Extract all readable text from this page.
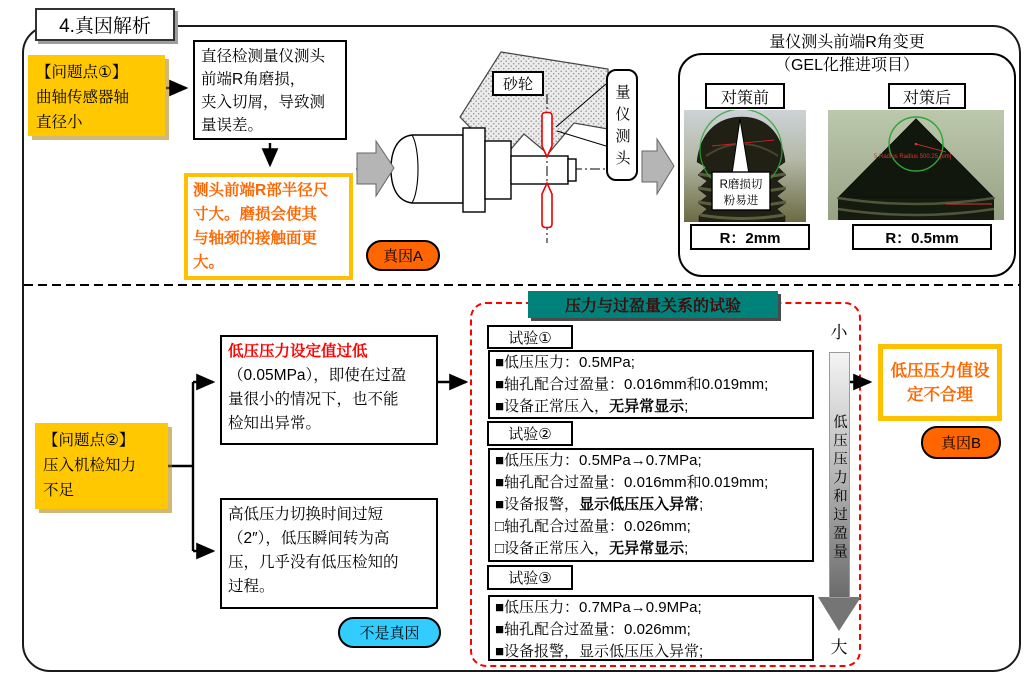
4.真因解析
【问题点①】
曲轴传感器轴
直径小
直径检测量仪测头
前端R角磨损，
夹入切屑，导致测
量误差。
测头前端R部半径尺
寸大。磨损会使其
与轴颈的接触面更
大。	真因A
砂轮	量仪测头
量仪测头前端R角变更
（GEL化推进项目）
对策前	对策后
R磨损切
粉易进
5 Radius Radius 500.25 [um]
R：2mm	R：0.5mm
【问题点②】
压入机检知力
不足
低压压力设定值过低
（0.05MPa），即使在过盈
量很小的情况下，也不能
检知出异常。
高低压力切换时间过短
（2″），低压瞬间转为高
压，几乎没有低压检知的
过程。
不是真因
压力与过盈量关系的试验
试验①
■低压压力：0.5MPa;
■轴孔配合过盈量：0.016mm和0.019mm;
■设备正常压入，无异常显示;
试验②
■低压压力：0.5MPa→0.7MPa;
■轴孔配合过盈量：0.016mm和0.019mm;
■设备报警，显示低压压入异常;
□轴孔配合过盈量：0.026mm;
□设备正常压入，无异常显示;
试验③
■低压压力：0.7MPa→0.9MPa;
■轴孔配合过盈量：0.026mm;
■设备报警，显示低压压入异常;
小
低压压力和过盈量
大
低压压力值设
定不合理
真因B
